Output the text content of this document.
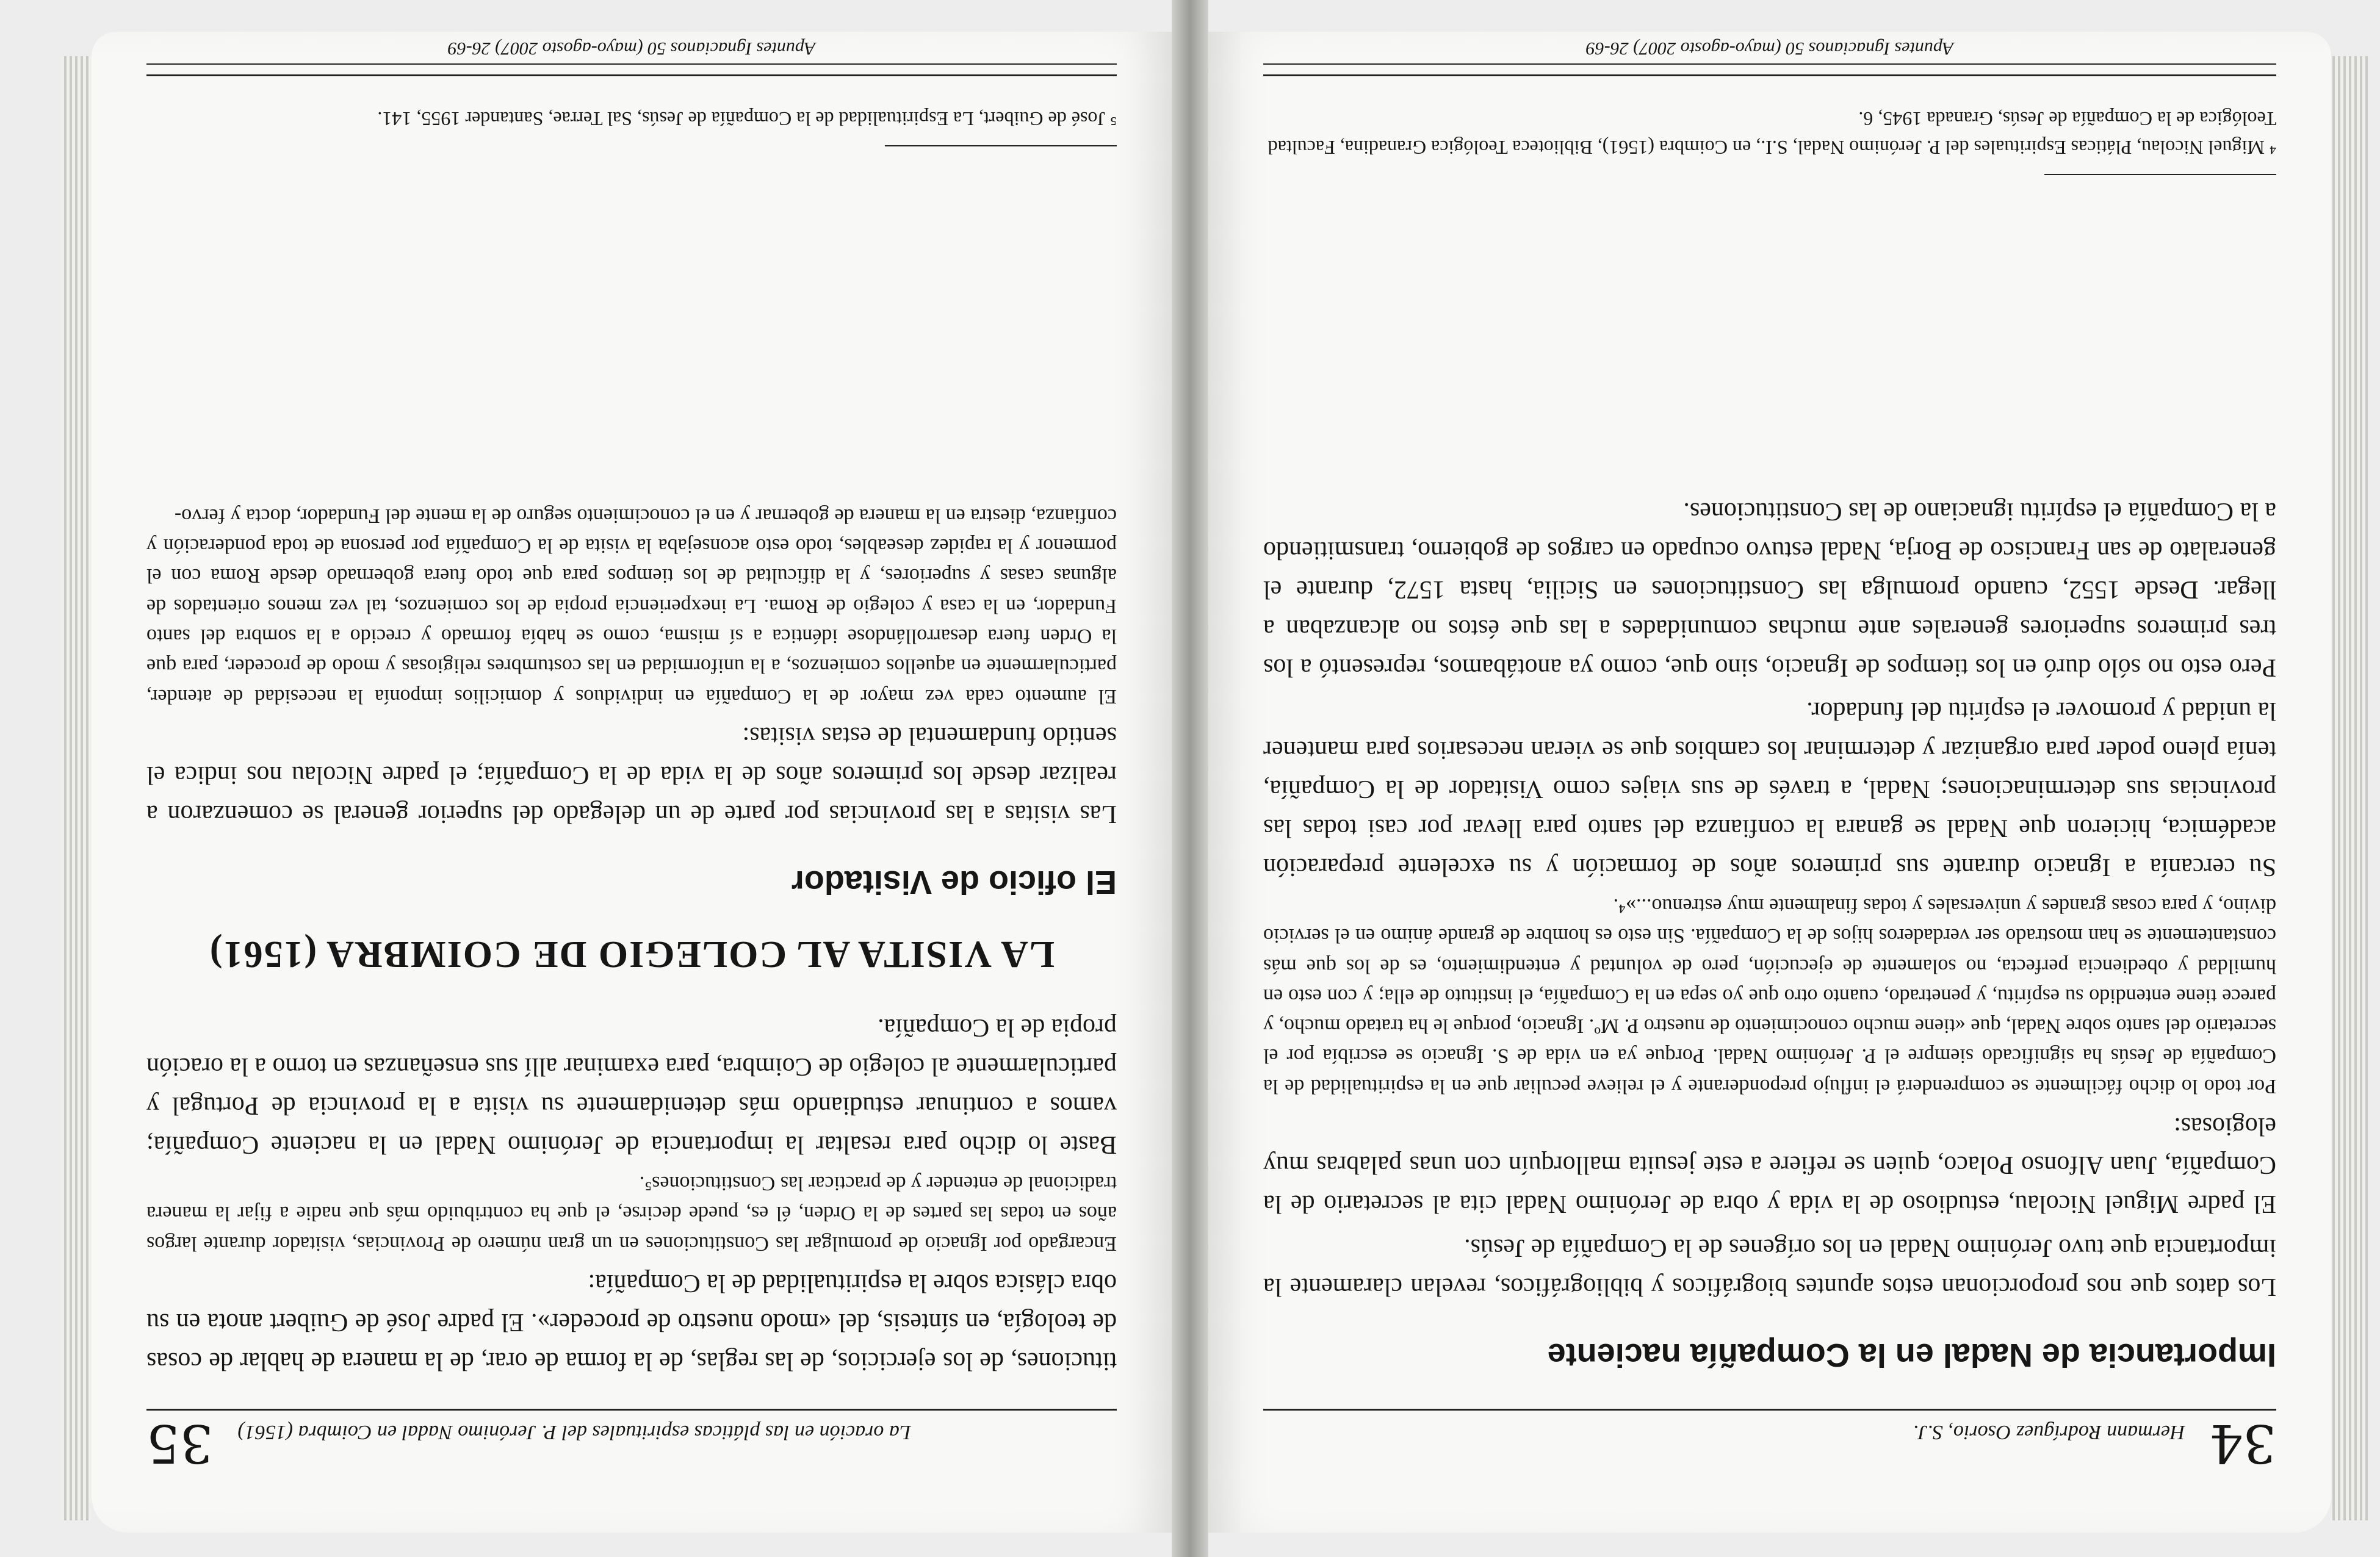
34
Hermann Rodríguez Osorio, S.J.
Importancia de Nadal en la Compañía naciente

Los datos que nos proporcionan estos apuntes biográficos y bibliográficos, revelan claramente la importancia que tuvo Jerónimo Nadal en los orígenes de la Compañía de Jesús.

El padre Miguel Nicolau, estudioso de la vida y obra de Jerónimo Nadal cita al secretario de la Compañía, Juan Alfonso Polaco, quien se refiere a este jesuita mallorquín con unas palabras muy elogiosas:

Por todo lo dicho fácilmente se comprenderá el influjo preponderante y el relieve peculiar que en la espiritualidad de la Compañía de Jesús ha significado siempre el P. Jerónimo Nadal. Porque ya en vida de S. Ignacio se escribía por el secretario del santo sobre Nadal, que «tiene mucho conocimiento de nuestro P. Mº. Ignacio, porque le ha tratado mucho, y parece tiene entendido su espíritu, y penetrado, cuanto otro que yo sepa en la Compañía, el instituto de ella; y con esto en humildad y obediencia perfecta, no solamente de ejecución, pero de voluntad y entendimiento, es de los que más constantemente se han mostrado ser verdaderos hijos de la Compañía. Sin esto es hombre de grande ánimo en el servicio divino, y para cosas grandes y universales y todas finalmente muy estrenuo...»⁴.

Su cercanía a Ignacio durante sus primeros años de formación y su excelente preparación académica, hicieron que Nadal se ganara la confianza del santo para llevar por casi todas las provincias sus determinaciones; Nadal, a través de sus viajes como Visitador de la Compañía, tenía pleno poder para organizar y determinar los cambios que se vieran necesarios para mantener la unidad y promover el espíritu del fundador.

Pero esto no sólo duró en los tiempos de Ignacio, sino que, como ya anotábamos, representó a los tres primeros superiores generales ante muchas comunidades a las que éstos no alcanzaban a llegar. Desde 1552, cuando promulga las Constituciones en Sicilia, hasta 1572, durante el generalato de san Francisco de Borja, Nadal estuvo ocupado en cargos de gobierno, transmitiendo a la Compañía el espíritu ignaciano de las Constituciones.

⁴ Miguel Nicolau, Pláticas Espirituales del P. Jerónimo Nadal, S.I., en Coimbra (1561), Biblioteca Teológica Granadina, Facultad Teológica de la Compañía de Jesús, Granada 1945, 6.
Apuntes Ignacianos 50 (mayo-agosto 2007) 26-69
La oración en las pláticas espirituales del P. Jerónimo Nadal en Coimbra (1561)
35

tituciones, de los ejercicios, de las reglas, de la forma de orar, de la manera de hablar de cosas de teología, en síntesis, del «modo nuestro de proceder». El padre José de Guibert anota en su obra clásica sobre la espiritualidad de la Compañía:

Encargado por Ignacio de promulgar las Constituciones en un gran número de Provincias, visitador durante largos años en todas las partes de la Orden, él es, puede decirse, el que ha contribuido más que nadie a fijar la manera tradicional de entender y de practicar las Constituciones⁵.

Baste lo dicho para resaltar la importancia de Jerónimo Nadal en la naciente Compañía; vamos a continuar estudiando más detenidamente su visita a la provincia de Portugal y particularmente al colegio de Coimbra, para examinar allí sus enseñanzas en torno a la oración propia de la Compañía.

LA VISITA AL COLEGIO DE COIMBRA (1561)
El oficio de Visitador

Las visitas a las provincias por parte de un delegado del superior general se comenzaron a realizar desde los primeros años de la vida de la Compañía; el padre Nicolau nos indica el sentido fundamental de estas visitas:

El aumento cada vez mayor de la Compañía en individuos y domicilios imponía la necesidad de atender, particularmente en aquellos comienzos, a la uniformidad en las costumbres religiosas y modo de proceder, para que la Orden fuera desarrollándose idéntica a sí misma, como se había formado y crecido a la sombra del santo Fundador, en la casa y colegio de Roma. La inexperiencia propia de los comienzos, tal vez menos orientados de algunas casas y superiores, y la dificultad de los tiempos para que todo fuera gobernado desde Roma con el pormenor y la rapidez deseables, todo esto aconsejaba la visita de la Compañía por persona de toda ponderación y confianza, diestra en la manera de gobernar y en el conocimiento seguro de la mente del Fundador, docta y fervo-

⁵ José de Guibert, La Espiritualidad de la Compañía de Jesús, Sal Terrae, Santander 1955, 141.
Apuntes Ignacianos 50 (mayo-agosto 2007) 26-69
